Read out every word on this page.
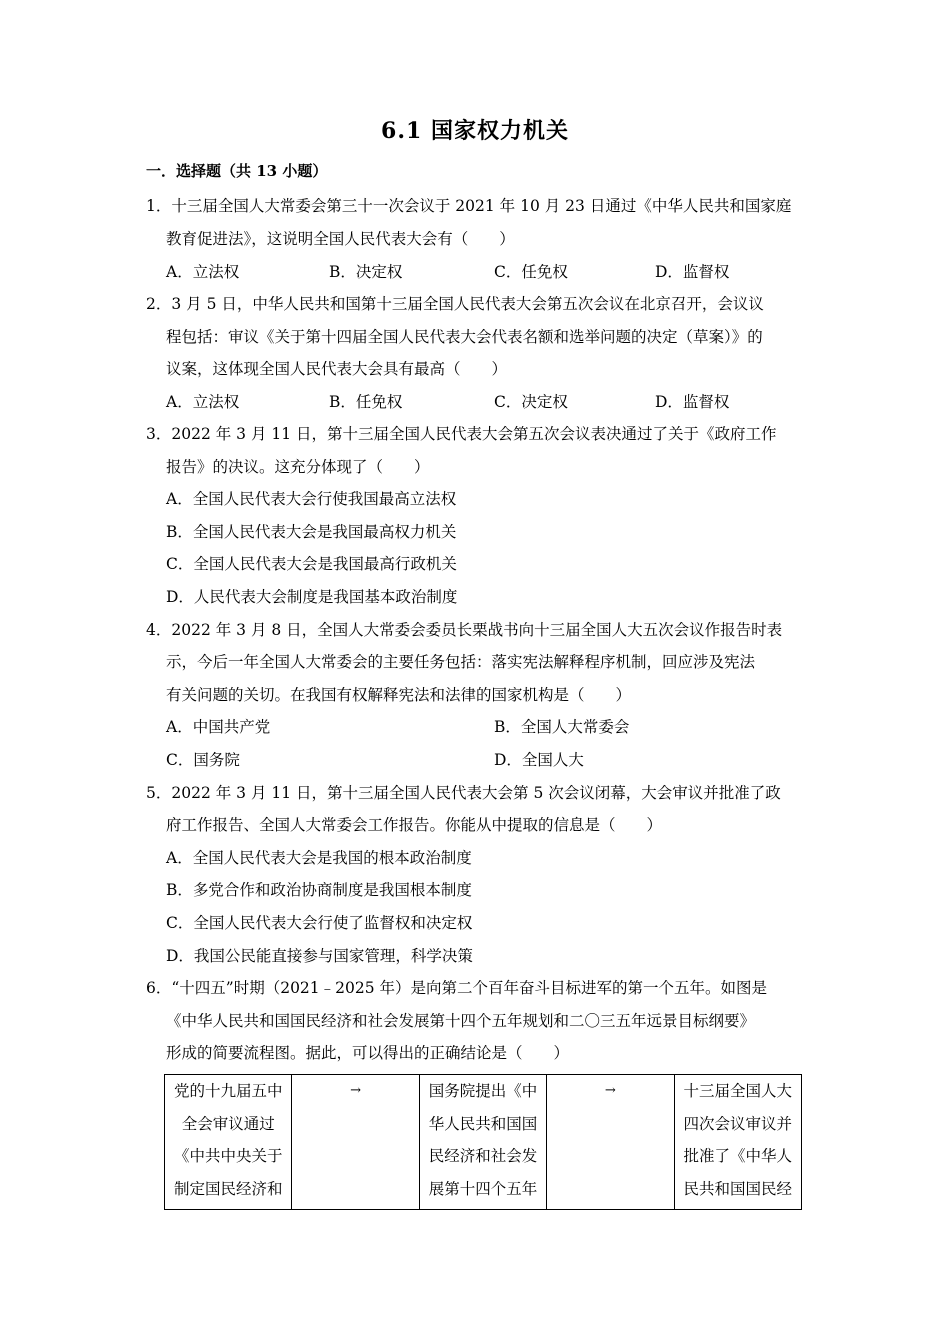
6.1 国家权力机关
一．选择题（共 13 小题）
1．十三届全国人大常委会第三十一次会议于 2021 年 10 月 23 日通过《中华人民共和国家庭
教育促进法》，这说明全国人民代表大会有（　　）
A．立法权	B．决定权	C．任免权	D．监督权
2．3 月 5 日，中华人民共和国第十三届全国人民代表大会第五次会议在北京召开，会议议
程包括：审议《关于第十四届全国人民代表大会代表名额和选举问题的决定（草案）》的
议案，这体现全国人民代表大会具有最高（　　）
A．立法权	B．任免权	C．决定权	D．监督权
3．2022 年 3 月 11 日，第十三届全国人民代表大会第五次会议表决通过了关于《政府工作
报告》的决议。这充分体现了（　　）
A．全国人民代表大会行使我国最高立法权
B．全国人民代表大会是我国最高权力机关
C．全国人民代表大会是我国最高行政机关
D．人民代表大会制度是我国基本政治制度
4．2022 年 3 月 8 日，全国人大常委会委员长栗战书向十三届全国人大五次会议作报告时表
示，今后一年全国人大常委会的主要任务包括：落实宪法解释程序机制，回应涉及宪法
有关问题的关切。在我国有权解释宪法和法律的国家机构是（　　）
A．中国共产党	B．全国人大常委会
C．国务院	D．全国人大
5．2022 年 3 月 11 日，第十三届全国人民代表大会第 5 次会议闭幕，大会审议并批准了政
府工作报告、全国人大常委会工作报告。你能从中提取的信息是（　　）
A．全国人民代表大会是我国的根本政治制度
B．多党合作和政治协商制度是我国根本制度
C．全国人民代表大会行使了监督权和决定权
D．我国公民能直接参与国家管理，科学决策
6．“十四五”时期（2021﹣2025 年）是向第二个百年奋斗目标进军的第一个五年。如图是
《中华人民共和国国民经济和社会发展第十四个五年规划和二〇三五年远景目标纲要》
形成的简要流程图。据此，可以得出的正确结论是（　　）
党的十九届五中
全会审议通过
《中共中央关于
制定国民经济和

→	国务院提出《中
华人民共和国国
民经济和社会发
展第十四个五年

→	十三届全国人大
四次会议审议并
批准了《中华人
民共和国国民经
